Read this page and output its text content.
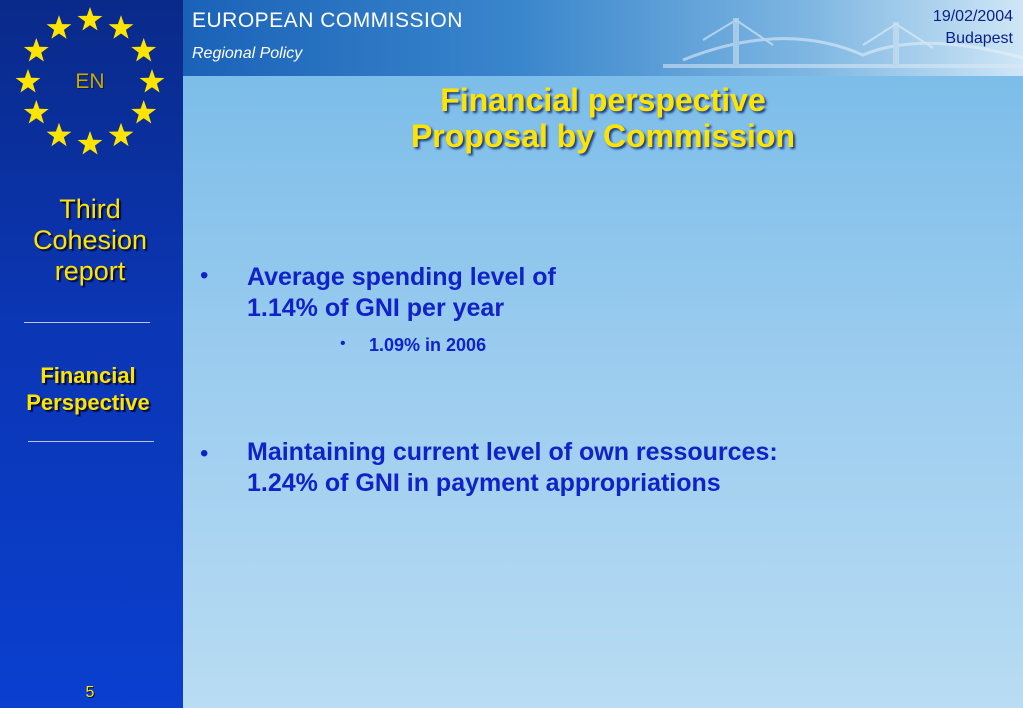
EN
Third
Cohesion
report
Financial
Perspective
5
EUROPEAN COMMISSION
Regional Policy
19/02/2004
Budapest
Financial perspective
Proposal by Commission
• Average spending level of
1.14% of GNI per year
• 1.09% in 2006
• Maintaining current level of own ressources:
1.24% of GNI in payment appropriations
